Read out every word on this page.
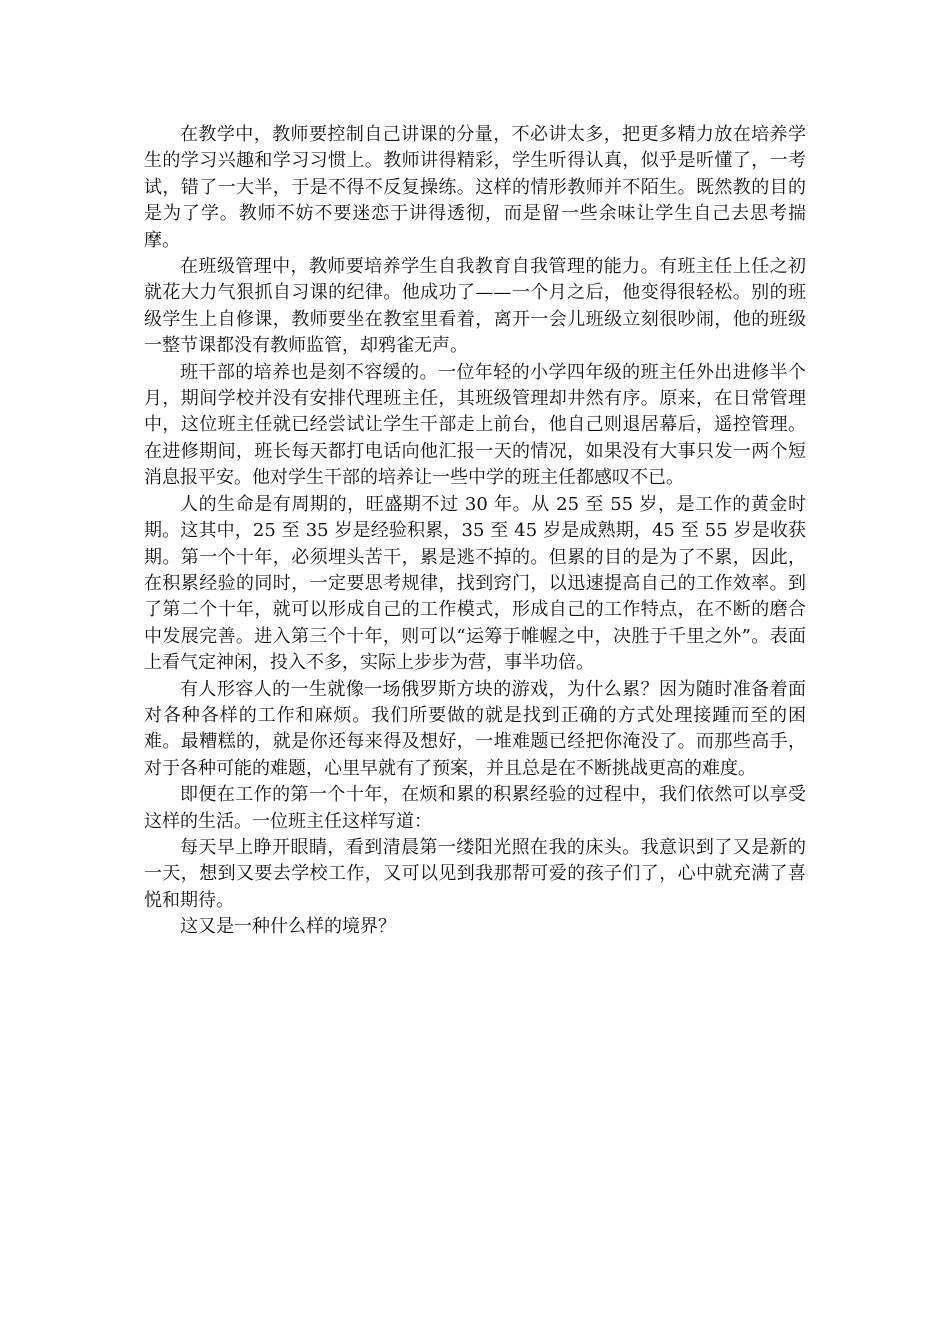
在教学中，教师要控制自己讲课的分量，不必讲太多，把更多精力放在培养学生的学习兴趣和学习习惯上。教师讲得精彩，学生听得认真，似乎是听懂了，一考试，错了一大半，于是不得不反复操练。这样的情形教师并不陌生。既然教的目的是为了学。教师不妨不要迷恋于讲得透彻，而是留一些余味让学生自己去思考揣摩。

在班级管理中，教师要培养学生自我教育自我管理的能力。有班主任上任之初就花大力气狠抓自习课的纪律。他成功了——一个月之后，他变得很轻松。别的班级学生上自修课，教师要坐在教室里看着，离开一会儿班级立刻很吵闹，他的班级一整节课都没有教师监管，却鸦雀无声。

班干部的培养也是刻不容缓的。一位年轻的小学四年级的班主任外出进修半个月，期间学校并没有安排代理班主任，其班级管理却井然有序。原来，在日常管理中，这位班主任就已经尝试让学生干部走上前台，他自己则退居幕后，遥控管理。在进修期间，班长每天都打电话向他汇报一天的情况，如果没有大事只发一两个短消息报平安。他对学生干部的培养让一些中学的班主任都感叹不已。

人的生命是有周期的，旺盛期不过 30 年。从 25 至 55 岁，是工作的黄金时期。这其中，25 至 35 岁是经验积累，35 至 45 岁是成熟期，45 至 55 岁是收获期。第一个十年，必须埋头苦干，累是逃不掉的。但累的目的是为了不累，因此，在积累经验的同时，一定要思考规律，找到窍门，以迅速提高自己的工作效率。到了第二个十年，就可以形成自己的工作模式，形成自己的工作特点，在不断的磨合中发展完善。进入第三个十年，则可以“运筹于帷幄之中，决胜于千里之外”。表面上看气定神闲，投入不多，实际上步步为营，事半功倍。

有人形容人的一生就像一场俄罗斯方块的游戏，为什么累？因为随时准备着面对各种各样的工作和麻烦。我们所要做的就是找到正确的方式处理接踵而至的困难。最糟糕的，就是你还每来得及想好，一堆难题已经把你淹没了。而那些高手，对于各种可能的难题，心里早就有了预案，并且总是在不断挑战更高的难度。

即便在工作的第一个十年，在烦和累的积累经验的过程中，我们依然可以享受这样的生活。一位班主任这样写道：

每天早上睁开眼睛，看到清晨第一缕阳光照在我的床头。我意识到了又是新的一天，想到又要去学校工作，又可以见到我那帮可爱的孩子们了，心中就充满了喜悦和期待。

这又是一种什么样的境界？
